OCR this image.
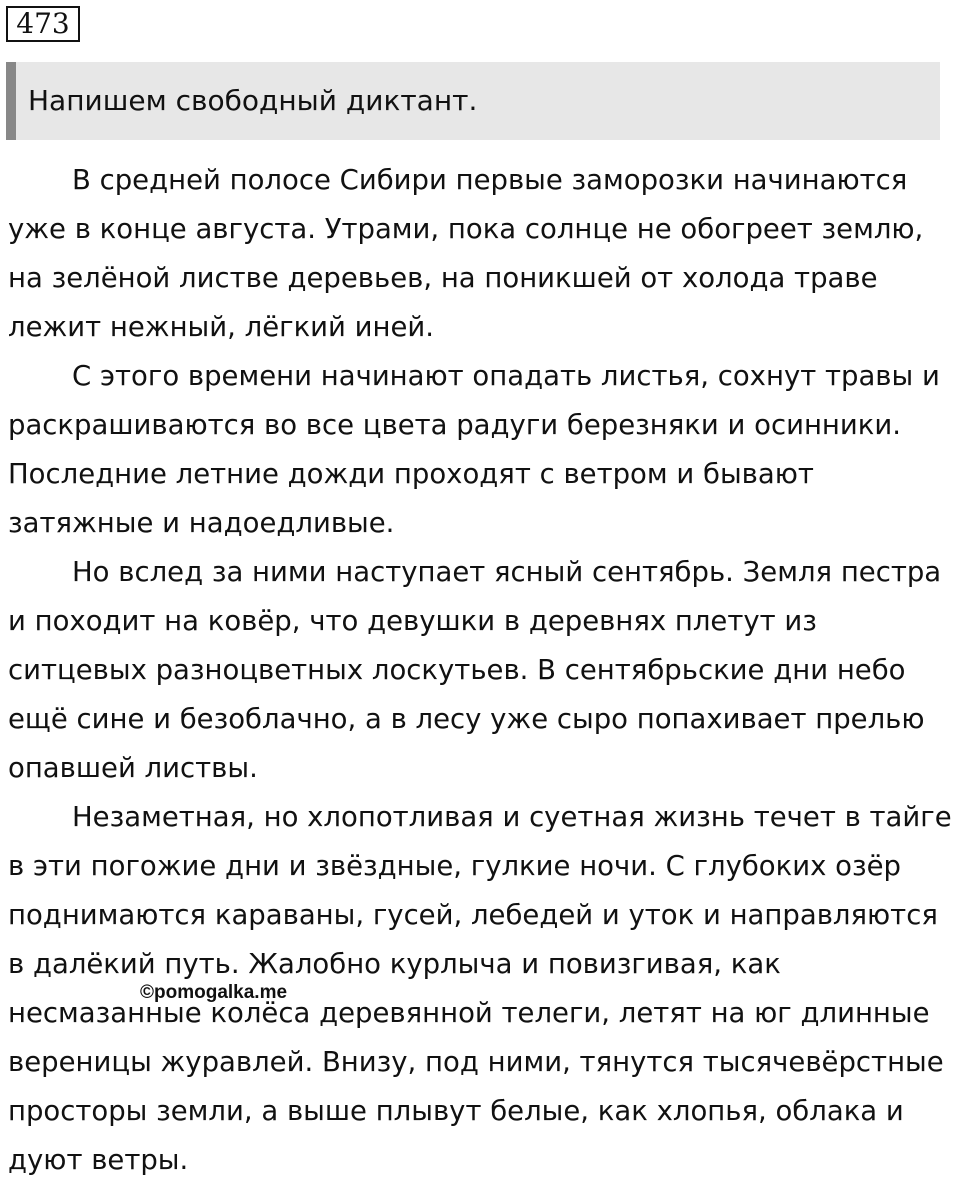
473
Напишем свободный диктант.

В средней полосе Сибири первые заморозки начинаются уже в конце августа. Утрами, пока солнце не обогреет землю, на зелёной листве деревьев, на поникшей от холода траве лежит нежный, лёгкий иней.

С этого времени начинают опадать листья, сохнут травы и раскрашиваются во все цвета радуги березняки и осинники. Последние летние дожди проходят с ветром и бывают затяжные и надоедливые.

Но вслед за ними наступает ясный сентябрь. Земля пестра и походит на ковёр, что девушки в деревнях плетут из ситцевых разноцветных лоскутьев. В сентябрьские дни небо ещё сине и безоблачно, а в лесу уже сыро попахивает прелью опавшей листвы.

Незаметная, но хлопотливая и суетная жизнь течет в тайге в эти погожие дни и звёздные, гулкие ночи. С глубоких озёр поднимаются караваны, гусей, лебедей и уток и направляются в далёкий путь. Жалобно курлыча и повизгивая, как несмазанные колёса деревянной телеги, летят на юг длинные вереницы журавлей. Внизу, под ними, тянутся тысячевёрстные просторы земли, а выше плывут белые, как хлопья, облака и дуют ветры.

©pomogalka.me
